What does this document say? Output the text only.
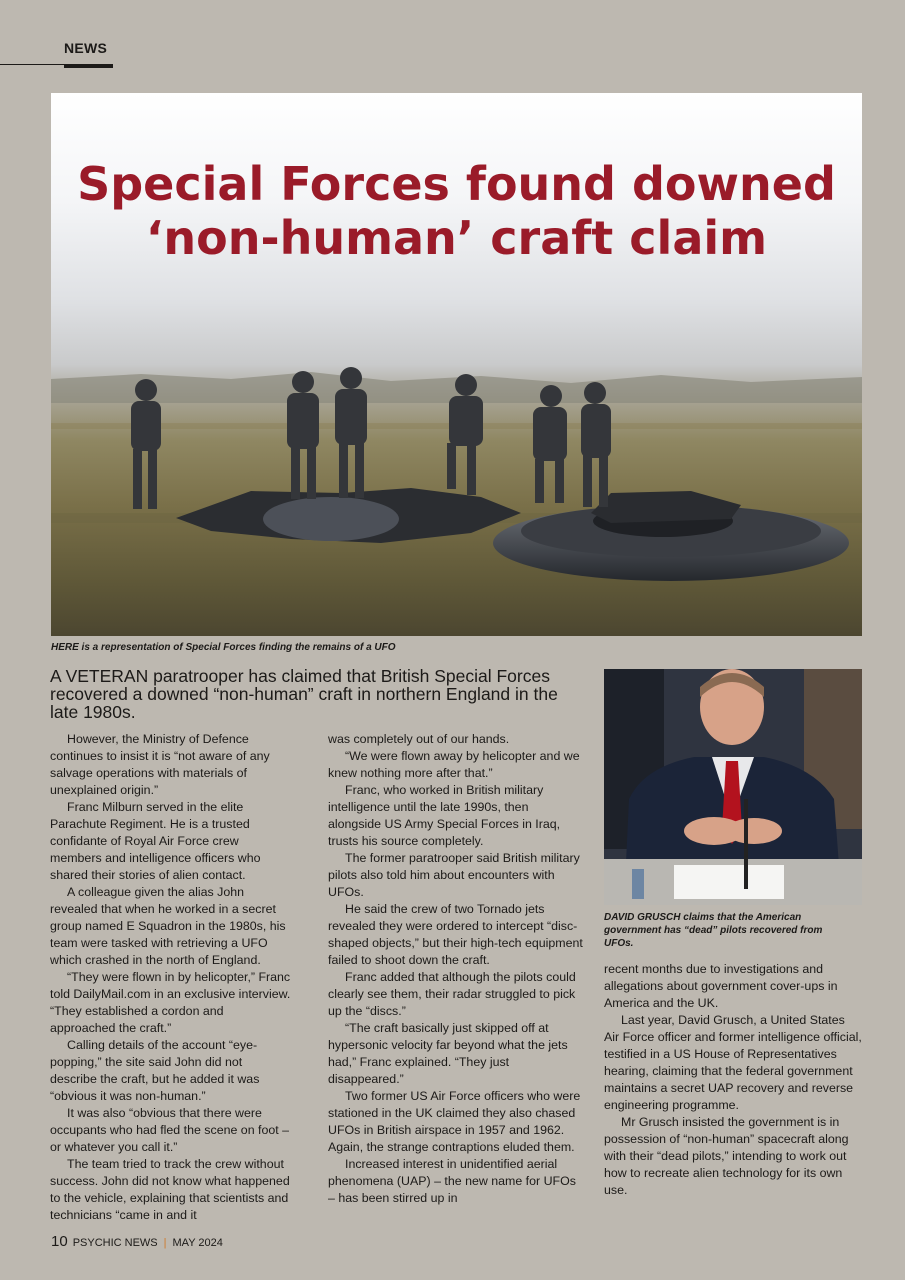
NEWS
Special Forces found downed
‘non-human’ craft claim
HERE is a representation of Special Forces finding the remains of a UFO

A VETERAN paratrooper has claimed that British Special Forces recovered a downed “non-human” craft in northern England in the late 1980s.

However, the Ministry of Defence continues to insist it is “not aware of any salvage operations with materials of unexplained origin.”

Franc Milburn served in the elite Parachute Regiment. He is a trusted confidante of Royal Air Force crew members and intelligence officers who shared their stories of alien contact.

A colleague given the alias John revealed that when he worked in a secret group named E Squadron in the 1980s, his team were tasked with retrieving a UFO which crashed in the north of England.

“They were flown in by helicopter,” Franc told DailyMail.com in an exclusive interview. “They established a cordon and approached the craft.”

Calling details of the account “eye-popping,” the site said John did not describe the craft, but he added it was “obvious it was non-human.”

It was also “obvious that there were occupants who had fled the scene on foot – or whatever you call it.”

The team tried to track the crew without success. John did not know what happened to the vehicle, explaining that scientists and technicians “came in and it

was completely out of our hands.

“We were flown away by helicopter and we knew nothing more after that.”

Franc, who worked in British military intelligence until the late 1990s, then alongside US Army Special Forces in Iraq, trusts his source completely.

The former paratrooper said British military pilots also told him about encounters with UFOs.

He said the crew of two Tornado jets revealed they were ordered to intercept “disc-shaped objects,” but their high-tech equipment failed to shoot down the craft.

Franc added that although the pilots could clearly see them, their radar struggled to pick up the “discs.”

“The craft basically just skipped off at hypersonic velocity far beyond what the jets had,” Franc explained. “They just disappeared.”

Two former US Air Force officers who were stationed in the UK claimed they also chased UFOs in British airspace in 1957 and 1962. Again, the strange contraptions eluded them.

Increased interest in unidentified aerial phenomena (UAP) – the new name for UFOs – has been stirred up in

DAVID GRUSCH claims that the American government has “dead” pilots recovered from UFOs.

recent months due to investigations and allegations about government cover-ups in America and the UK.

Last year, David Grusch, a United States Air Force officer and former intelligence official, testified in a US House of Representatives hearing, claiming that the federal government maintains a secret UAP recovery and reverse engineering programme.

Mr Grusch insisted the government is in possession of “non-human” spacecraft along with their “dead pilots,” intending to work out how to recreate alien technology for its own use.

10 PSYCHIC NEWS | MAY 2024
